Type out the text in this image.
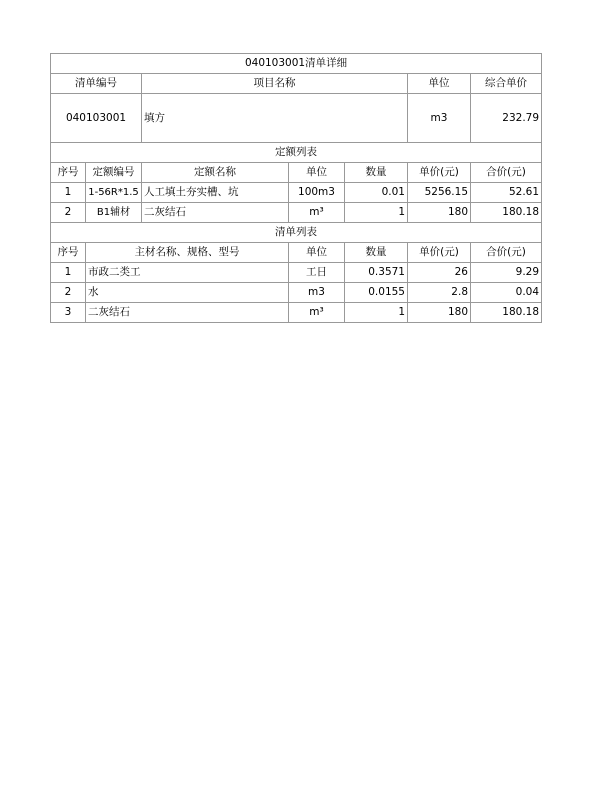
040103001清单详细						
清单编号		项目名称			单位	综合单价
040103001		填方			m3	232.79
定额列表						
序号	定额编号	定额名称	单位	数量	单价(元)	合价(元)
1	1-56R*1.5	人工填土夯实槽、坑	100m3	0.01	5256.15	52.61
2	B1辅材	二灰结石	m³	1	180	180.18
清单列表						
序号	主材名称、规格、型号		单位	数量	单价(元)	合价(元)
1	市政二类工		工日	0.3571	26	9.29
2	水		m3	0.0155	2.8	0.04
3	二灰结石		m³	1	180	180.18
